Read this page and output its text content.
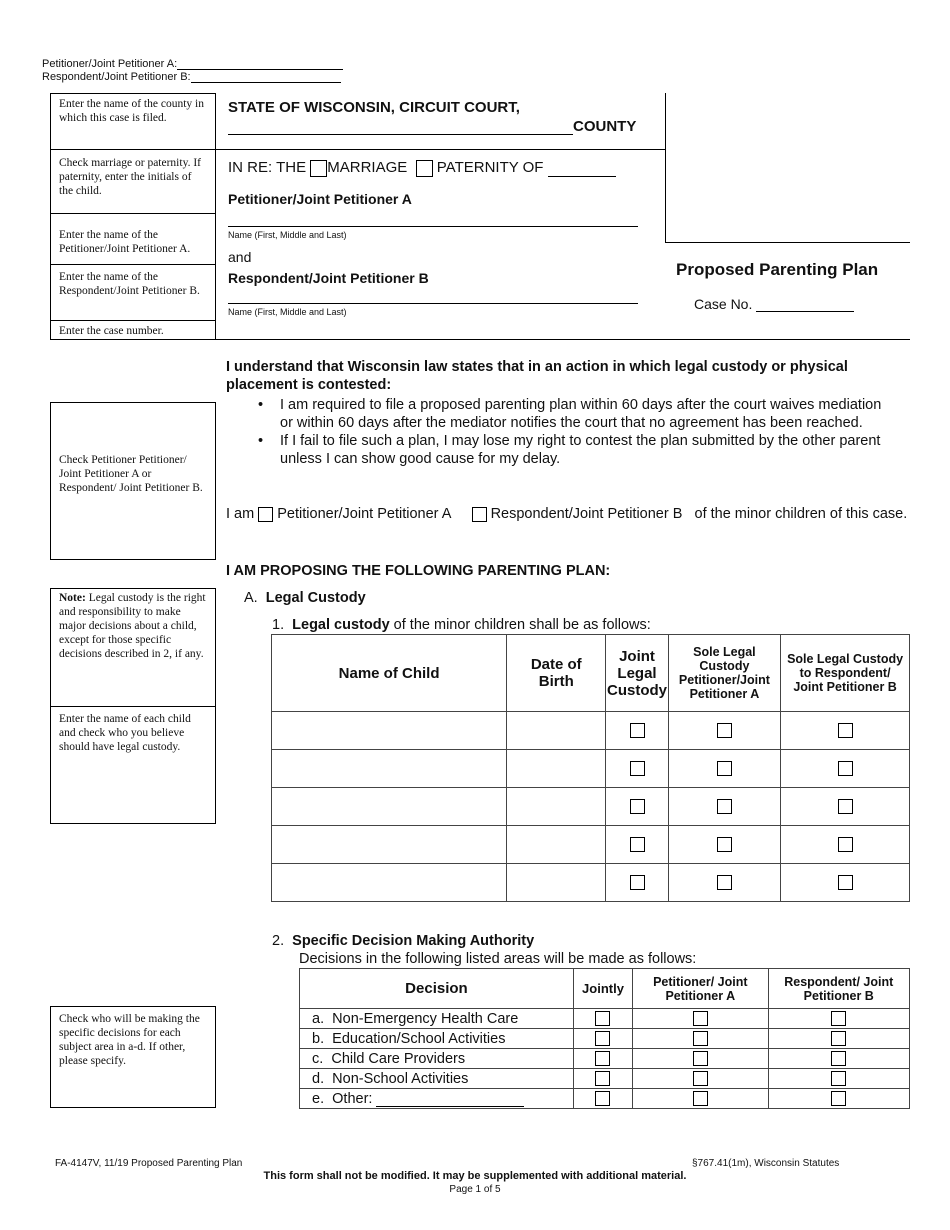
Petitioner/Joint Petitioner A:
Respondent/Joint Petitioner B:
Enter the name of the county in which this case is filed.
Check marriage or paternity. If paternity, enter the initials of the child.
Enter the name of the Petitioner/Joint Petitioner A.
Enter the name of the Respondent/Joint Petitioner B.
Enter the case number.
STATE OF WISCONSIN, CIRCUIT COURT,
COUNTY
IN RE: THE MARRIAGE PATERNITY OF
Petitioner/Joint Petitioner A
Name (First, Middle and Last)
and
Respondent/Joint Petitioner B
Name (First, Middle and Last)
Proposed Parenting Plan
Case No.
Check Petitioner Petitioner/ Joint Petitioner A or Respondent/ Joint Petitioner B.
I understand that Wisconsin law states that in an action in which legal custody or physical placement is contested:
• I am required to file a proposed parenting plan within 60 days after the court waives mediation or within 60 days after the mediator notifies the court that no agreement has been reached.
• If I fail to file such a plan, I may lose my right to contest the plan submitted by the other parent unless I can show good cause for my delay.
I am Petitioner/Joint Petitioner A	Respondent/Joint Petitioner B of the minor children of this case.
I AM PROPOSING THE FOLLOWING PARENTING PLAN:
A. Legal Custody
Note: Legal custody is the right and responsibility to make major decisions about a child, except for those specific decisions described in 2, if any.
Enter the name of each child and check who you believe should have legal custody.
1. Legal custody of the minor children shall be as follows:
Name of Child	Date of Birth	Joint Legal Custody	Sole Legal Custody Petitioner/Joint Petitioner A	Sole Legal Custody to Respondent/ Joint Petitioner B

2. Specific Decision Making Authority
Decisions in the following listed areas will be made as follows:
Check who will be making the specific decisions for each subject area in a-d. If other, please specify.
Decision	Jointly	Petitioner/ Joint Petitioner A	Respondent/ Joint Petitioner B
a. Non-Emergency Health Care			
b. Education/School Activities			
c. Child Care Providers			
d. Non-School Activities			
e. Other:			
FA-4147V, 11/19 Proposed Parenting Plan	§767.41(1m), Wisconsin Statutes
This form shall not be modified. It may be supplemented with additional material.
Page 1 of 5
